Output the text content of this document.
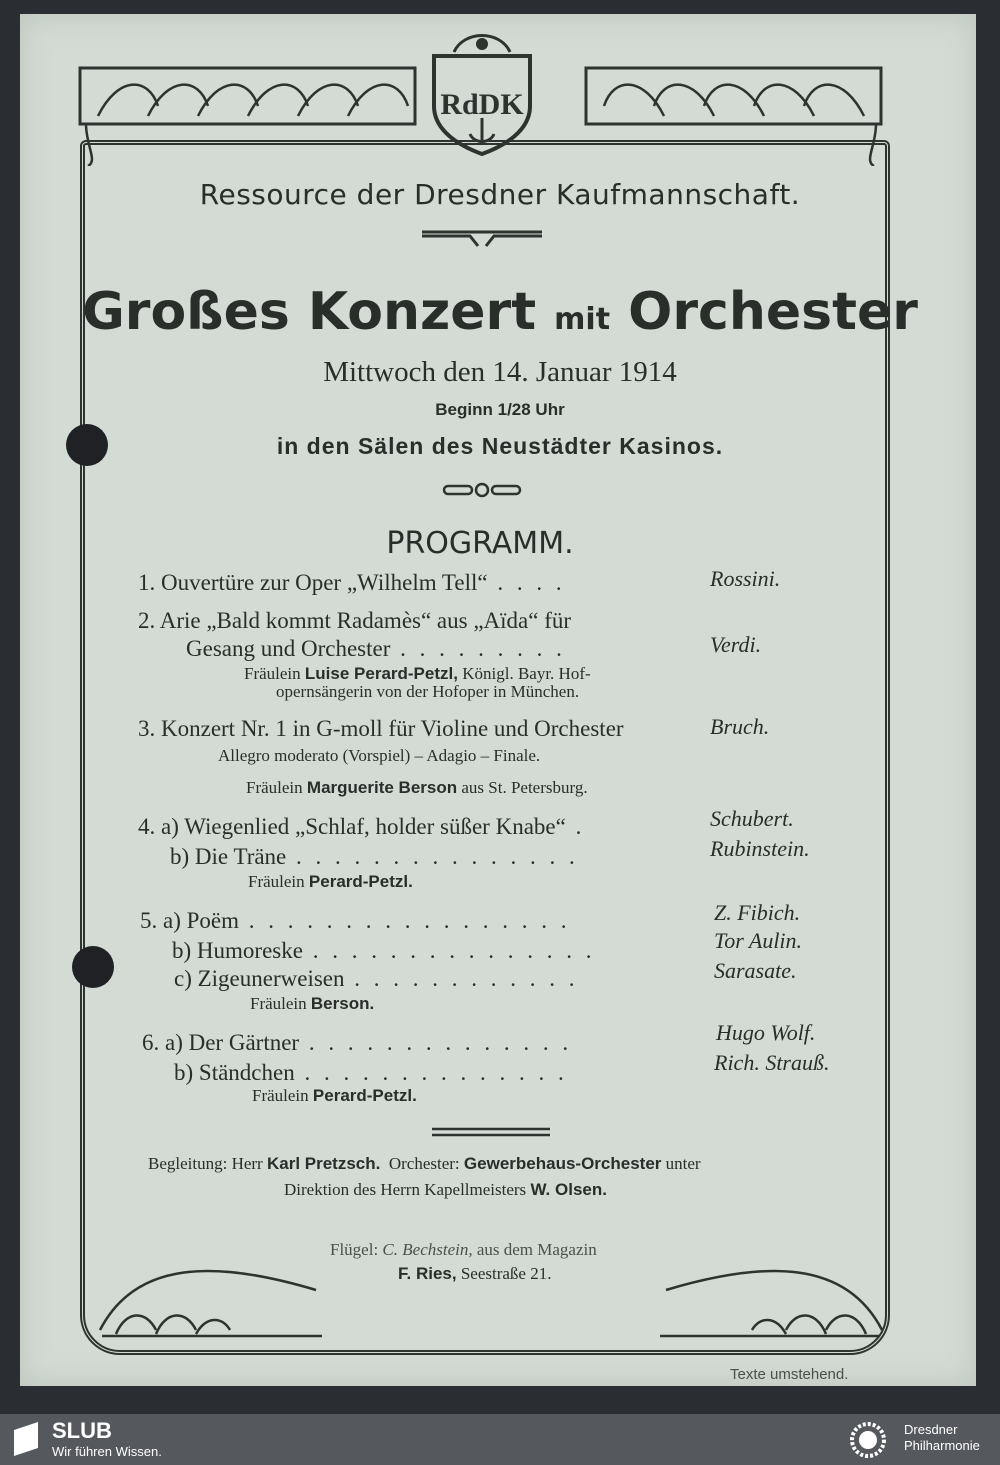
RdDK

Ressource der Dresdner Kaufmannschaft.

Großes Konzert mit Orchester

Mittwoch den 14. Januar 1914

Beginn 1/28 Uhr

in den Sälen des Neustädter Kasinos.

PROGRAMM.

1. Ouvertüre zur Oper „Wilhelm Tell“ . . . .	Rossini.
2. Arie „Bald kommt Radamès“ aus „Aïda“ für
Gesang und Orchester . . . . . . . . .	Verdi.
Fräulein Luise Perard-Petzl, Königl. Bayr. Hof-
opernsängerin von der Hofoper in München.
3. Konzert Nr. 1 in G-moll für Violine und Orchester	Bruch.
Allegro moderato (Vorspiel) – Adagio – Finale.
Fräulein Marguerite Berson aus St. Petersburg.
4. a) Wiegenlied „Schlaf, holder süßer Knabe“ .	Schubert.
b) Die Träne . . . . . . . . . . . . . . .	Rubinstein.
Fräulein Perard-Petzl.
5. a) Poëm . . . . . . . . . . . . . . . . .	Z. Fibich.
b) Humoreske . . . . . . . . . . . . . . .	Tor Aulin.
c) Zigeunerweisen . . . . . . . . . . . .	Sarasate.
Fräulein Berson.
6. a) Der Gärtner . . . . . . . . . . . . . .	Hugo Wolf.
b) Ständchen . . . . . . . . . . . . . .	Rich. Strauß.
Fräulein Perard-Petzl.
Begleitung: Herr Karl Pretzsch. Orchester: Gewerbehaus-Orchester unter
Direktion des Herrn Kapellmeisters W. Olsen.
Flügel: C. Bechstein, aus dem Magazin
F. Ries, Seestraße 21.
Texte umstehend.
SLUB
Wir führen Wissen.
Dresdner
Philharmonie
